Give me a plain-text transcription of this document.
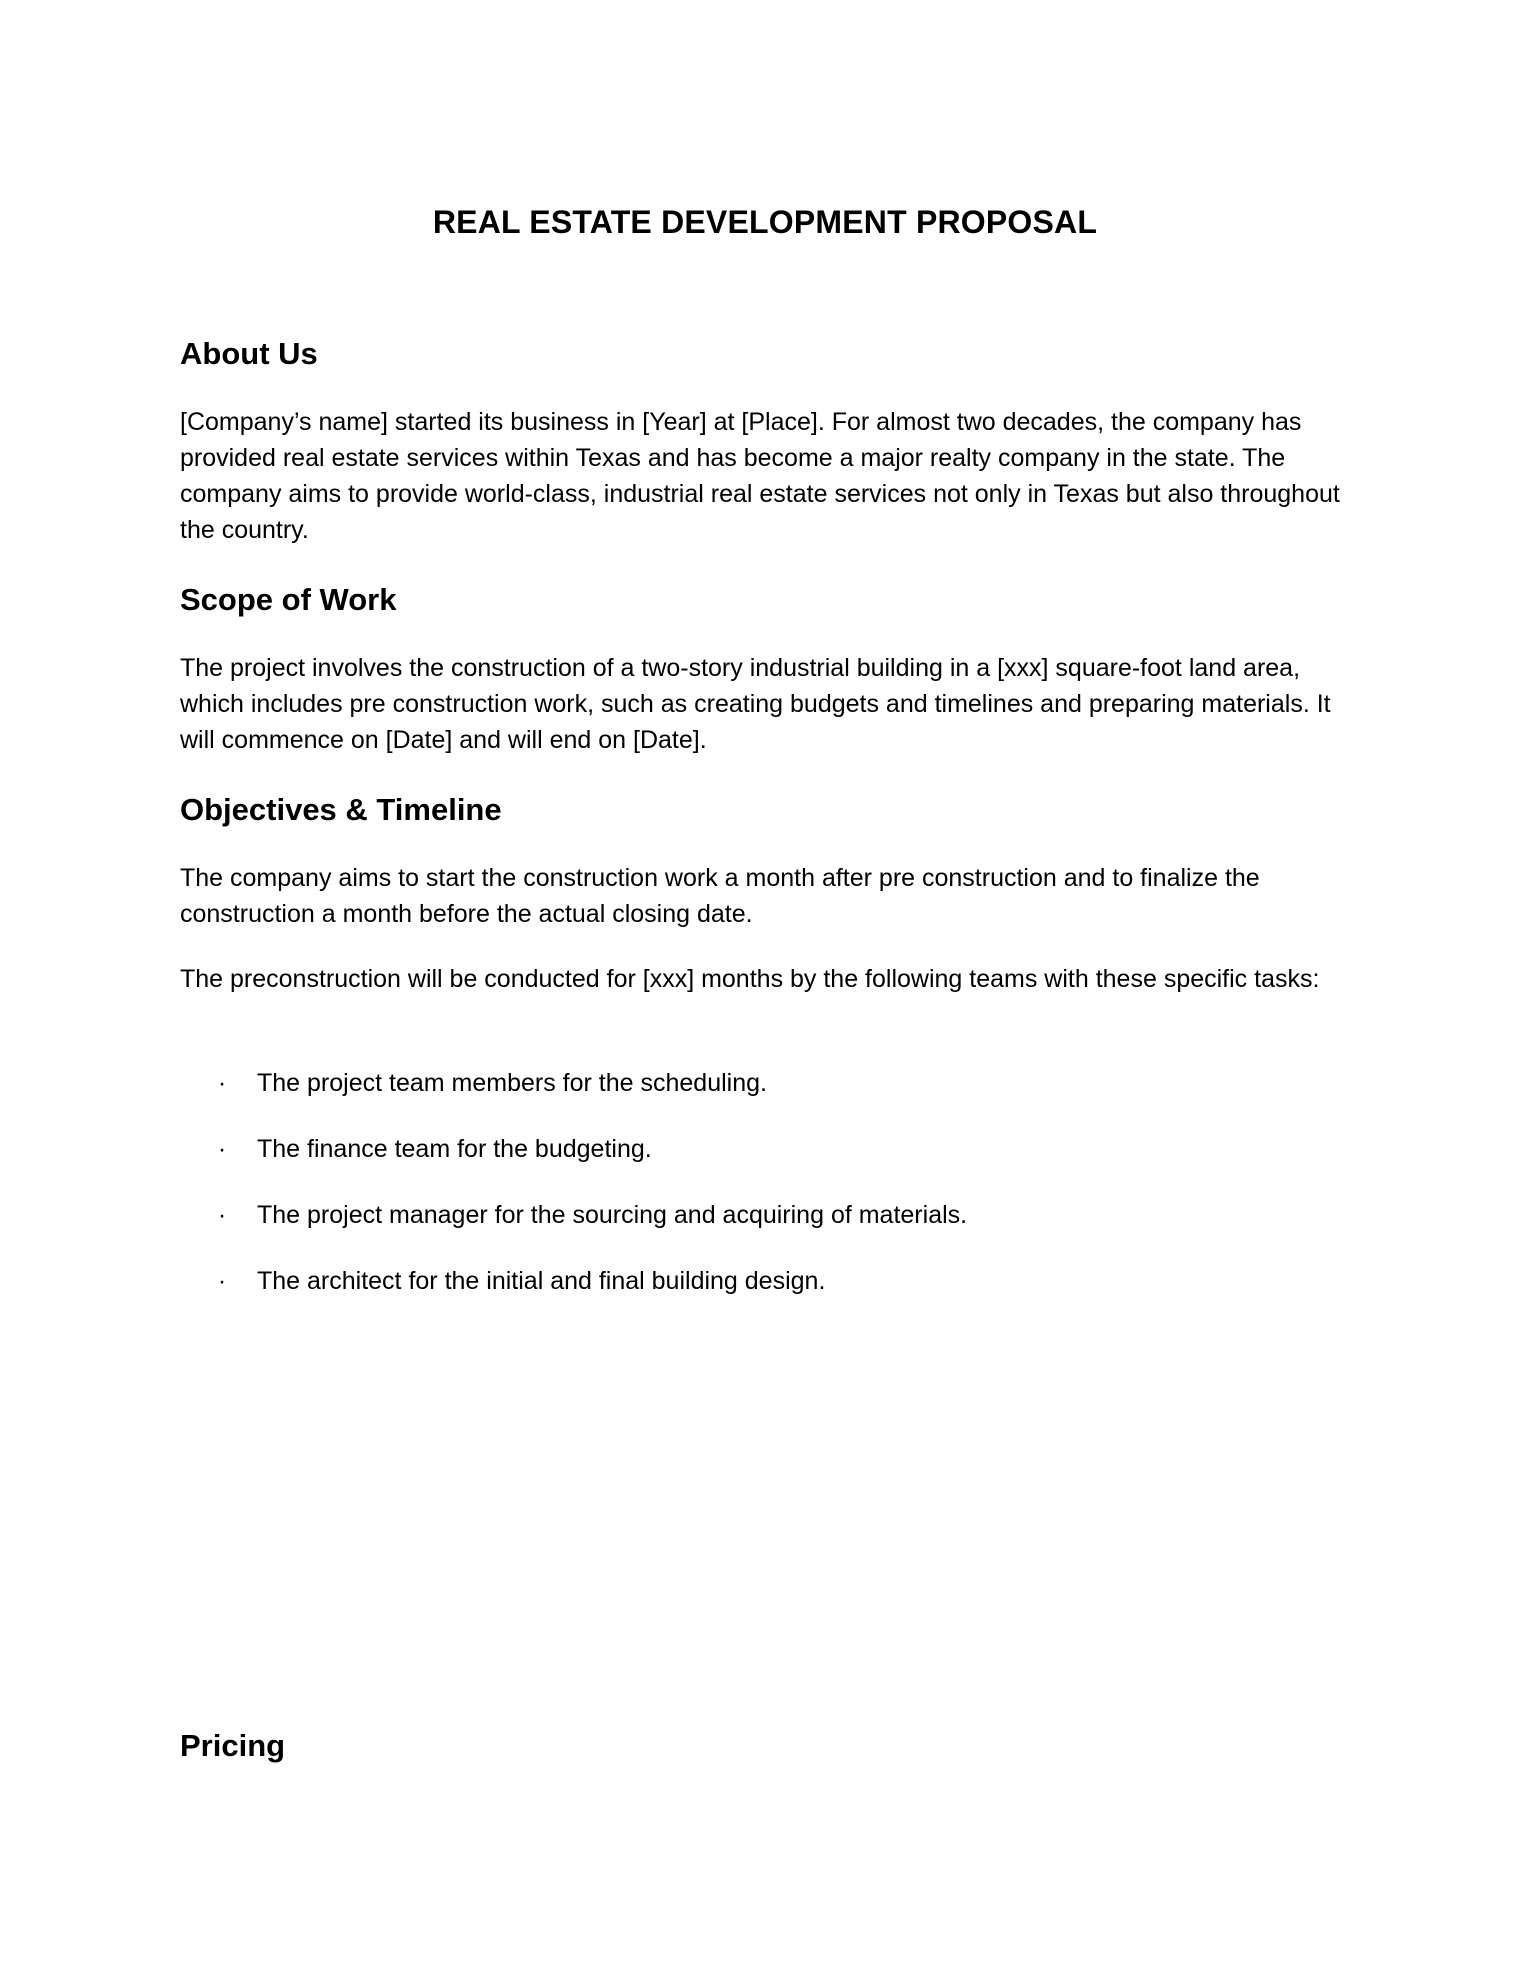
REAL ESTATE DEVELOPMENT PROPOSAL
About Us

[Company’s name] started its business in [Year] at [Place]. For almost two decades, the company has provided real estate services within Texas and has become a major realty company in the state. The company aims to provide world-class, industrial real estate services not only in Texas but also throughout the country.

Scope of Work

The project involves the construction of a two-story industrial building in a [xxx] square-foot land area, which includes pre construction work, such as creating budgets and timelines and preparing materials. It will commence on [Date] and will end on [Date].

Objectives & Timeline

The company aims to start the construction work a month after pre construction and to finalize the construction a month before the actual closing date.

The preconstruction will be conducted for [xxx] months by the following teams with these specific tasks:

· The project team members for the scheduling.
· The finance team for the budgeting.
· The project manager for the sourcing and acquiring of materials.
· The architect for the initial and final building design.
Pricing
